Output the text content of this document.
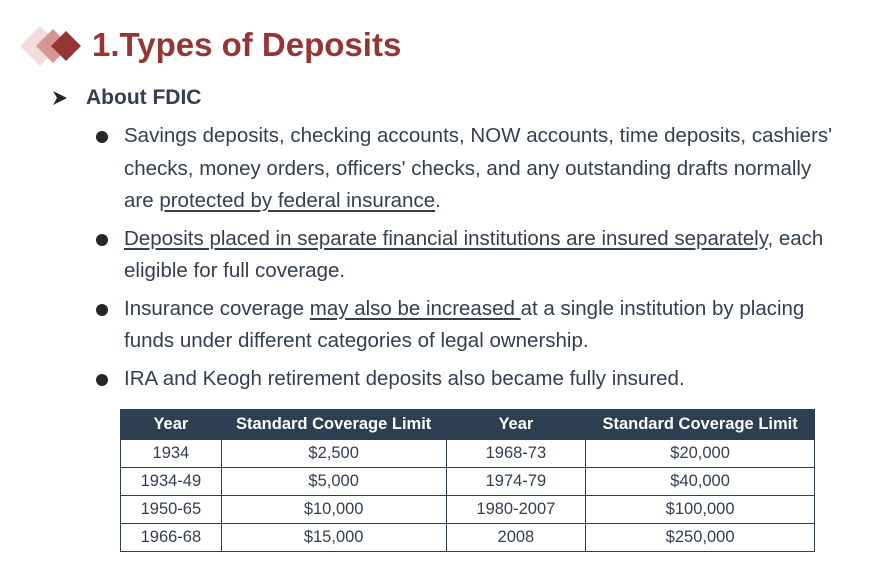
1.Types of Deposits
About FDIC
Savings deposits, checking accounts, NOW accounts, time deposits, cashiers' checks, money orders, officers' checks, and any outstanding drafts normally are protected by federal insurance.
Deposits placed in separate financial institutions are insured separately, each eligible for full coverage.
Insurance coverage may also be increased at a single institution by placing funds under different categories of legal ownership.
IRA and Keogh retirement deposits also became fully insured.
Year	Standard Coverage Limit	Year	Standard Coverage Limit
1934	$2,500	1968-73	$20,000
1934-49	$5,000	1974-79	$40,000
1950-65	$10,000	1980-2007	$100,000
1966-68	$15,000	2008	$250,000
